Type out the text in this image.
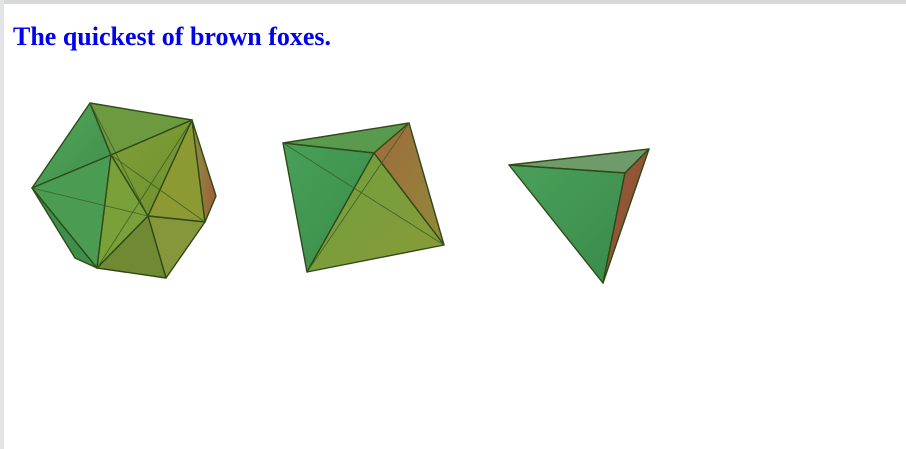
The quickest of brown foxes.
